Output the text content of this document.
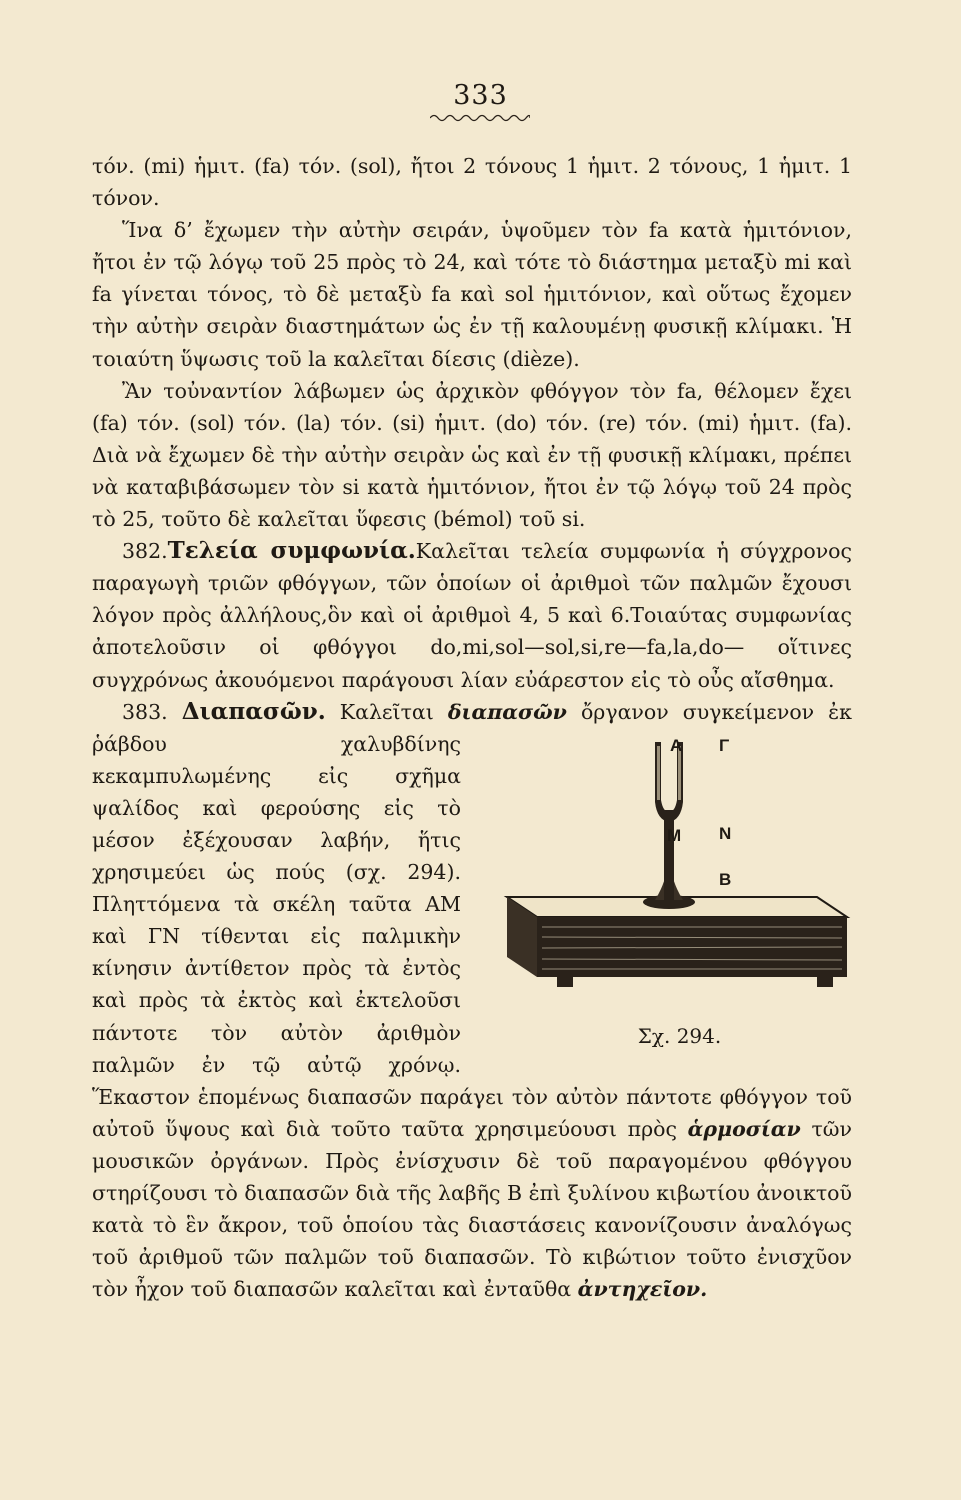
333

τόν. (mi) ἡμιτ. (fa) τόν. (sol), ἤτοι 2 τόνους 1 ἡμιτ. 2 τόνους, 1 ἡμιτ. 1 τόνον.

Ἵνα δ’ ἔχωμεν τὴν αὐτὴν σειράν, ὑψοῦμεν τὸν fa κατὰ ἡμιτόνιον, ἤτοι ἐν τῷ λόγῳ τοῦ 25 πρὸς τὸ 24, καὶ τότε τὸ διάστημα μεταξὺ mi καὶ fa γίνεται τόνος, τὸ δὲ μεταξὺ fa καὶ sol ἡμιτόνιον, καὶ οὕτως ἔχομεν τὴν αὐτὴν σειρὰν διαστημάτων ὡς ἐν τῇ καλουμένῃ φυσικῇ κλίμακι. Ἡ τοιαύτη ὕψωσις τοῦ la καλεῖται δίεσις (dièze).

Ἂν τοὐναντίον λάβωμεν ὡς ἀρχικὸν φθόγγον τὸν fa, θέλομεν ἔχει (fa) τόν. (sol) τόν. (la) τόν. (si) ἡμιτ. (do) τόν. (re) τόν. (mi) ἡμιτ. (fa). Διὰ νὰ ἔχωμεν δὲ τὴν αὐτὴν σειρὰν ὡς καὶ ἐν τῇ φυσικῇ κλίμακι, πρέπει νὰ καταβιβάσωμεν τὸν si κατὰ ἡμιτόνιον, ἤτοι ἐν τῷ λόγῳ τοῦ 24 πρὸς τὸ 25, τοῦτο δὲ καλεῖται ὕφεσις (bémol) τοῦ si.

382.Τελεία συμφωνία.Καλεῖται τελεία συμφωνία ἡ σύγχρονος παραγωγὴ τριῶν φθόγγων, τῶν ὁποίων οἱ ἀριθμοὶ τῶν παλμῶν ἔχουσι λόγον πρὸς ἀλλήλους,ὃν καὶ οἱ ἀριθμοὶ 4, 5 καὶ 6.Τοιαύτας συμφωνίας ἀποτελοῦσιν οἱ φθόγγοι do,mi,sol—sol,si,re—fa,la,do— οἵτινες συγχρόνως ἀκουόμενοι παράγουσι λίαν εὐάρεστον εἰς τὸ οὖς αἴσθημα.

383. Διαπασῶν. Καλεῖται διαπασῶν
Α	Γ
Μ	Ν
Β
Σχ. 294.
ὄργανον συγκείμενον ἐκ ῥάβδου χαλυβδίνης κεκαμπυλωμένης εἰς σχῆμα ψαλίδος καὶ φερούσης εἰς τὸ μέσον ἐξέχουσαν λαβήν, ἥτις χρησιμεύει ὡς πούς (σχ. 294). Πληττόμενα τὰ σκέλη ταῦτα ΑΜ καὶ ΓΝ τίθενται εἰς παλμικὴν κίνησιν ἀντίθετον πρὸς τὰ ἐντὸς καὶ πρὸς τὰ ἐκτὸς καὶ ἐκτελοῦσι πάντοτε τὸν αὐτὸν ἀριθμὸν παλμῶν ἐν τῷ αὐτῷ χρόνῳ. Ἕκαστον ἑπομένως διαπασῶν παράγει τὸν αὐτὸν πάντοτε φθόγγον τοῦ αὐτοῦ ὕψους καὶ διὰ τοῦτο ταῦτα χρησιμεύουσι πρὸς ἁρμοσίαν τῶν μουσικῶν ὀργάνων. Πρὸς ἐνίσχυσιν δὲ τοῦ παραγομένου φθόγγου στηρίζουσι τὸ διαπασῶν διὰ τῆς λαβῆς Β ἐπὶ ξυλίνου κιβωτίου ἀνοικτοῦ κατὰ τὸ ἓν ἄκρον, τοῦ ὁποίου τὰς διαστάσεις κανονίζουσιν ἀναλόγως τοῦ ἀριθμοῦ τῶν παλμῶν τοῦ διαπασῶν. Τὸ κιβώτιον τοῦτο ἐνισχῦον τὸν ἦχον τοῦ διαπασῶν καλεῖται καὶ ἐνταῦθα ἀντηχεῖον.
